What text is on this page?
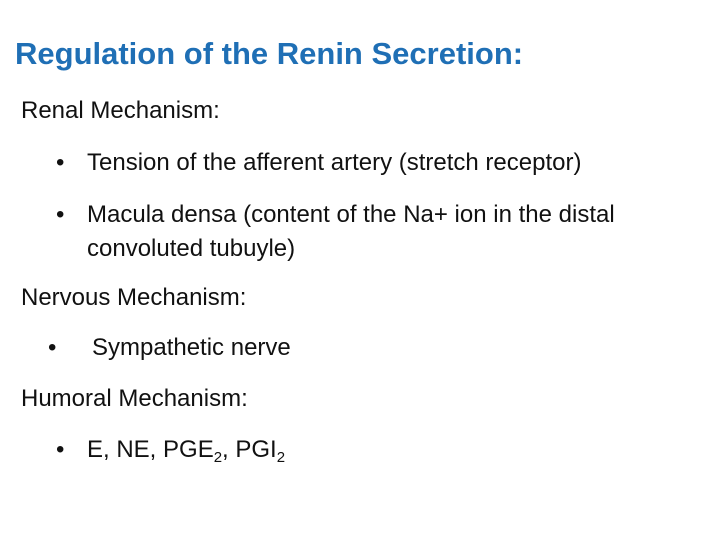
Regulation of the Renin Secretion:
Renal Mechanism:
• Tension of the afferent artery (stretch receptor)
• Macula densa (content of the Na+ ion in the distal convoluted tubuyle)
Nervous Mechanism:
• Sympathetic nerve
Humoral Mechanism:
• E, NE, $PGE_2$, $PGI_2$
